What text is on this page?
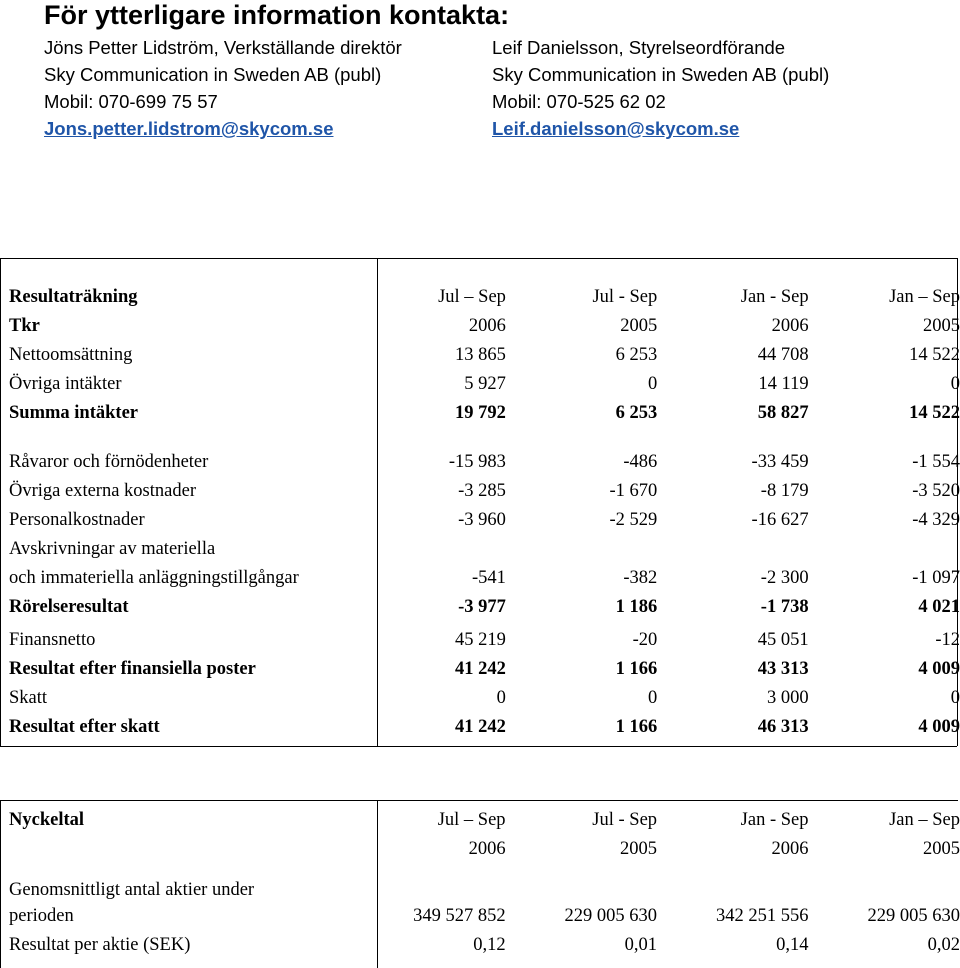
För ytterligare information kontakta:
Jöns Petter Lidström, Verkställande direktör
Sky Communication in Sweden AB (publ)
Mobil: 070-699 75 57
Jons.petter.lidstrom@skycom.se
Leif Danielsson, Styrelseordförande
Sky Communication in Sweden AB (publ)
Mobil: 070-525 62 02
Leif.danielsson@skycom.se
Resultaträkning	Jul – Sep	Jul - Sep	Jan - Sep	Jan – Sep
Tkr	2006	2005	2006	2005
Nettoomsättning	13 865	6 253	44 708	14 522
Övriga intäkter	5 927	0	14 119	0
Summa intäkter	19 792	6 253	58 827	14 522

Råvaror och förnödenheter	-15 983	-486	-33 459	-1 554
Övriga externa kostnader	-3 285	-1 670	-8 179	-3 520
Personalkostnader	-3 960	-2 529	-16 627	-4 329
Avskrivningar av materiella				
och immateriella anläggningstillgångar	-541	-382	-2 300	-1 097
Rörelseresultat	-3 977	1 186	-1 738	4 021

Finansnetto	45 219	-20	45 051	-12
Resultat efter finansiella poster	41 242	1 166	43 313	4 009
Skatt	0	0	3 000	0
Resultat efter skatt	41 242	1 166	46 313	4 009
Nyckeltal	Jul – Sep	Jul - Sep	Jan - Sep	Jan – Sep
	2006	2005	2006	2005

Genomsnittligt antal aktier under				
perioden	349 527 852	229 005 630	342 251 556	229 005 630
Resultat per aktie (SEK)	0,12	0,01	0,14	0,02
